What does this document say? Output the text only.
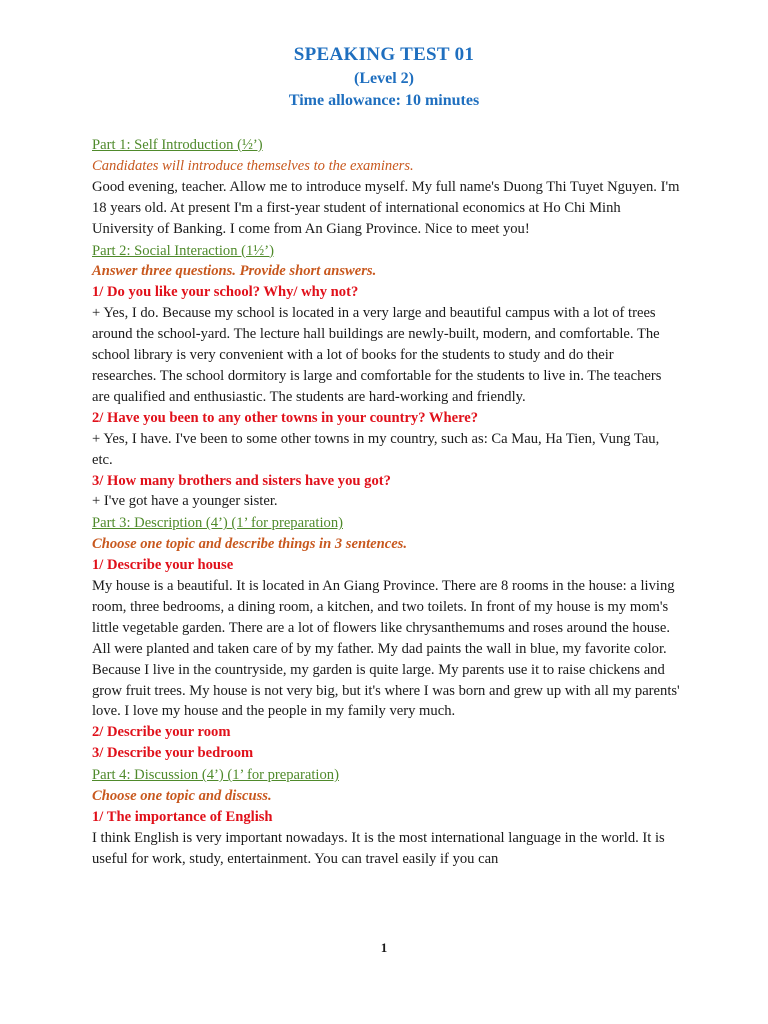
SPEAKING TEST 01
(Level 2)
Time allowance: 10 minutes

Part 1: Self Introduction (½’)

Candidates will introduce themselves to the examiners.

Good evening, teacher. Allow me to introduce myself. My full name's Duong Thi Tuyet Nguyen. I'm 18 years old. At present I'm a first-year student of international economics at Ho Chi Minh University of Banking. I come from An Giang Province. Nice to meet you!

Part 2: Social Interaction (1½’)

Answer three questions. Provide short answers.

1/ Do you like your school? Why/ why not?

+ Yes, I do. Because my school is located in a very large and beautiful campus with a lot of trees around the school-yard. The lecture hall buildings are newly-built, modern, and comfortable. The school library is very convenient with a lot of books for the students to study and do their researches. The school dormitory is large and comfortable for the students to live in. The teachers are qualified and enthusiastic. The students are hard-working and friendly.

2/ Have you been to any other towns in your country? Where?

+ Yes, I have. I've been to some other towns in my country, such as: Ca Mau, Ha Tien, Vung Tau, etc.

3/ How many brothers and sisters have you got?

+ I've got have a younger sister.

Part 3: Description (4’) (1’ for preparation)

Choose one topic and describe things in 3 sentences.

1/ Describe your house

My house is a beautiful. It is located in An Giang Province. There are 8 rooms in the house: a living room, three bedrooms, a dining room, a kitchen, and two toilets. In front of my house is my mom's little vegetable garden. There are a lot of flowers like chrysanthemums and roses around the house. All were planted and taken care of by my father. My dad paints the wall in blue, my favorite color. Because I live in the countryside, my garden is quite large. My parents use it to raise chickens and grow fruit trees. My house is not very big, but it's where I was born and grew up with all my parents' love. I love my house and the people in my family very much.

2/ Describe your room

3/ Describe your bedroom

Part 4: Discussion (4’) (1’ for preparation)

Choose one topic and discuss.

1/ The importance of English

I think English is very important nowadays. It is the most international language in the world. It is useful for work, study, entertainment. You can travel easily if you can

1
